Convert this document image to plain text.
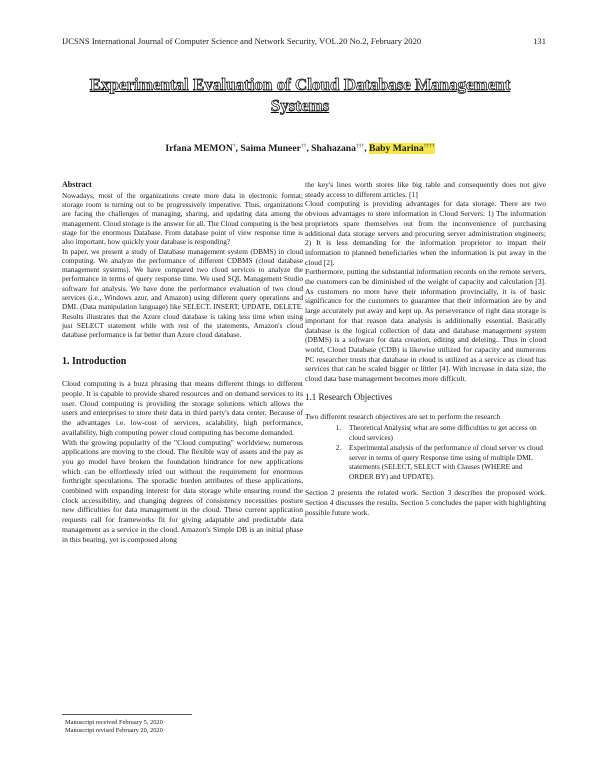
IJCSNS International Journal of Computer Science and Network Security, VOL.20 No.2, February 2020	131
Experimental Evaluation of Cloud Database Management
Systems
Irfana MEMON†, Saima Muneer††, Shahazana†††, Baby Marina††††
Abstract

Nowadays, most of the organizations create more data in electronic format; storage room is turning out to be progressively imperative. Thus, organizations are facing the challenges of managing, sharing, and updating data among the management. Cloud storage is the answer for all. The Cloud computing is the best stage for the enormous Database. From database point of view response time is also important, how quickly your database is responding?

In paper, we present a study of Database management system (DBMS) in cloud computing. We analyze the performance of different CDBMS (cloud database management systems). We have compared two cloud services to analyze the performance in terms of query response time. We used SQL Management Studio software for analysis. We have done the performance evaluation of two cloud services (i.e., Windows azur, and Amazon) using different query operations and DML (Data manipulation language) like SELECT, INSERT, UPDATE, DELETE. Results illustrates that the Azure cloud database is taking less time when using just SELECT statement while with rest of the statements, Amazon's cloud database performance is far better than Azure cloud database.

1. Introduction

Cloud computing is a buzz phrasing that means different things to different people. It is capable to provide shared resources and on demand services to its user. Cloud computing is providing the storage solutions which allows the users and enterprises to store their data in third party's data center. Because of the advantages i.e. low-cost of services, scalability, high performance, availability, high computing power cloud computing has become demanded.

With the growing popularity of the "Cloud computing" worldview, numerous applications are moving to the cloud. The flexible way of assets and the pay as you go model have broken the foundation hindrance for new applications which can be effortlessly tried out without the requirement for enormous forthright speculations. The sporadic burden attributes of these applications, combined with expanding interest for data storage while ensuring round the clock accessibility, and changing degrees of consistency necessities posture new difficulties for data management in the cloud. These current application requests call for frameworks fit for giving adaptable and predictable data management as a service in the cloud. Amazon's Simple DB is an initial phase in this bearing, yet is composed along

the key's lines worth stores like big table and consequently does not give steady access to different articles. [1]

Cloud computing is providing advantages for data storage. There are two obvious advantages to store information in Cloud Servers: 1) The information proprietors spare themselves out from the inconvenience of purchasing additional data storage servers and procuring server administration engineers; 2) It is less demanding for the information proprietor to impart their information to planned beneficiaries when the information is put away in the cloud [2].

Furthermore, putting the substantial information records on the remote servers, the customers can be diminished of the weight of capacity and calculation [3]. As customers no more have their information provincially, it is of basic significance for the customers to guarantee that their information are by and large accurately put away and kept up. As perseverance of right data storage is important for that reason data analysis is additionally essential. Basically database is the logical collection of data and database management system (DBMS) is a software for data creation, editing and deleting.. Thus in cloud world, Cloud Database (CDB) is likewise utilized for capacity and numerous PC researcher trusts that database in cloud is utilized as a service as cloud has services that can be scaled bigger or littler [4]. With increase in data size, the cloud data base management becomes more difficult.

1.1 Research Objectives

Two different research objectives are set to perform the research

1. Theoretical Analysis( what are some difficulties to get access on cloud services)
2. Experimental analysis of the performance of cloud server vs cloud server in terms of query Response time using of multiple DML statements (SELECT, SELECT with Clauses (WHERE and ORDER BY) and UPDATE).

Section 2 presents the related work. Section 3 describes the proposed work. Section 4 discusses the results. Section 5 concludes the paper with highlighting possible future work.

Manuscript received February 5, 2020
Manuscript revised February 20, 2020
